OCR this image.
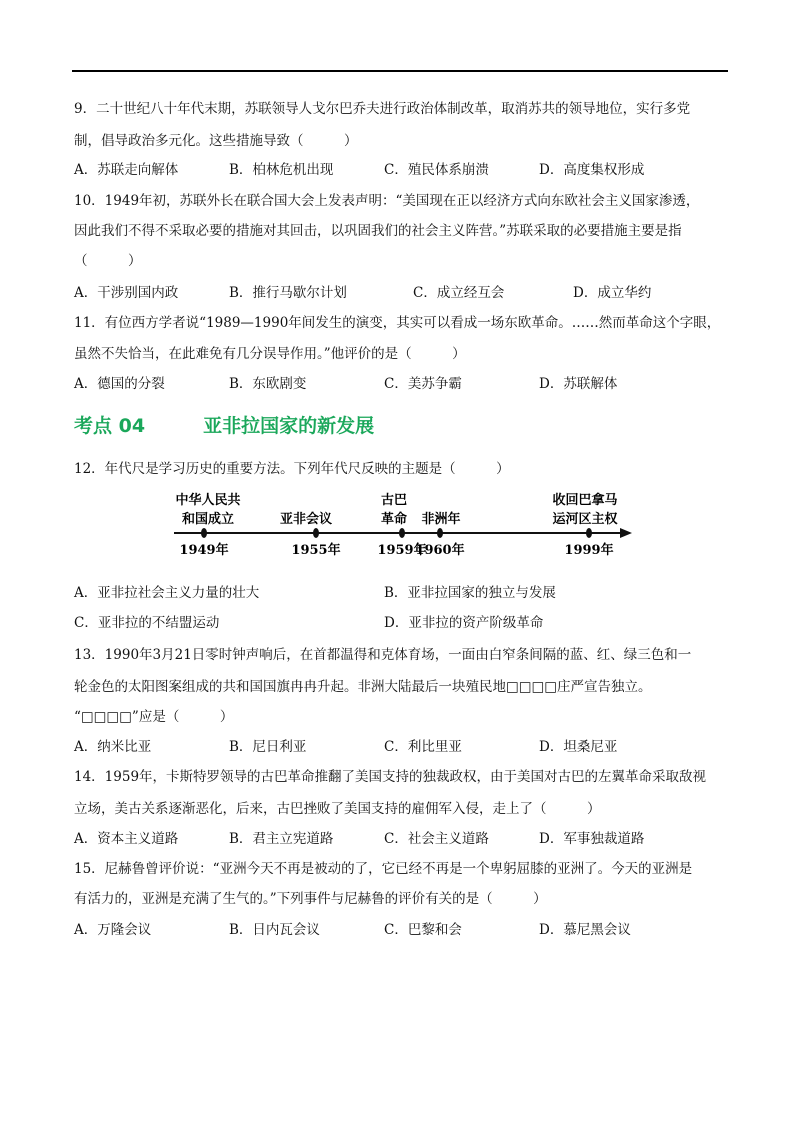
9．二十世纪八十年代末期，苏联领导人戈尔巴乔夫进行政治体制改革，取消苏共的领导地位，实行多党
制，倡导政治多元化。这些措施导致（　　　）
A．苏联走向解体	B．柏林危机出现	C．殖民体系崩溃	D．高度集权形成
10．1949年初，苏联外长在联合国大会上发表声明：“美国现在正以经济方式向东欧社会主义国家渗透，
因此我们不得不采取必要的措施对其回击，以巩固我们的社会主义阵营。”苏联采取的必要措施主要是指
（　　　）
A．干涉别国内政	B．推行马歇尔计划	C．成立经互会	D．成立华约
11．有位西方学者说“1989—1990年间发生的演变，其实可以看成一场东欧革命。……然而革命这个字眼，
虽然不失恰当，在此难免有几分误导作用。”他评价的是（　　　）
A．德国的分裂	B．东欧剧变	C．美苏争霸	D．苏联解体
考点 04	亚非拉国家的新发展
12．年代尺是学习历史的重要方法。下列年代尺反映的主题是（　　　）
中华人民共
和国成立
1949年
亚非会议
1955年
古巴
革命
1959年
非洲年
1960年
收回巴拿马
运河区主权
1999年
A．亚非拉社会主义力量的壮大	B．亚非拉国家的独立与发展
C．亚非拉的不结盟运动	D．亚非拉的资产阶级革命
13．1990年3月21日零时钟声响后，在首都温得和克体育场，一面由白窄条间隔的蓝、红、绿三色和一
轮金色的太阳图案组成的共和国国旗冉冉升起。非洲大陆最后一块殖民地□□□□庄严宣告独立。
“□□□□”应是（　　　）
A．纳米比亚	B．尼日利亚	C．利比里亚	D．坦桑尼亚
14．1959年，卡斯特罗领导的古巴革命推翻了美国支持的独裁政权，由于美国对古巴的左翼革命采取敌视
立场，美古关系逐渐恶化，后来，古巴挫败了美国支持的雇佣军入侵，走上了（　　　）
A．资本主义道路	B．君主立宪道路	C．社会主义道路	D．军事独裁道路
15．尼赫鲁曾评价说：“亚洲今天不再是被动的了，它已经不再是一个卑躬屈膝的亚洲了。今天的亚洲是
有活力的，亚洲是充满了生气的。”下列事件与尼赫鲁的评价有关的是（　　　）
A．万隆会议	B．日内瓦会议	C．巴黎和会	D．慕尼黑会议
